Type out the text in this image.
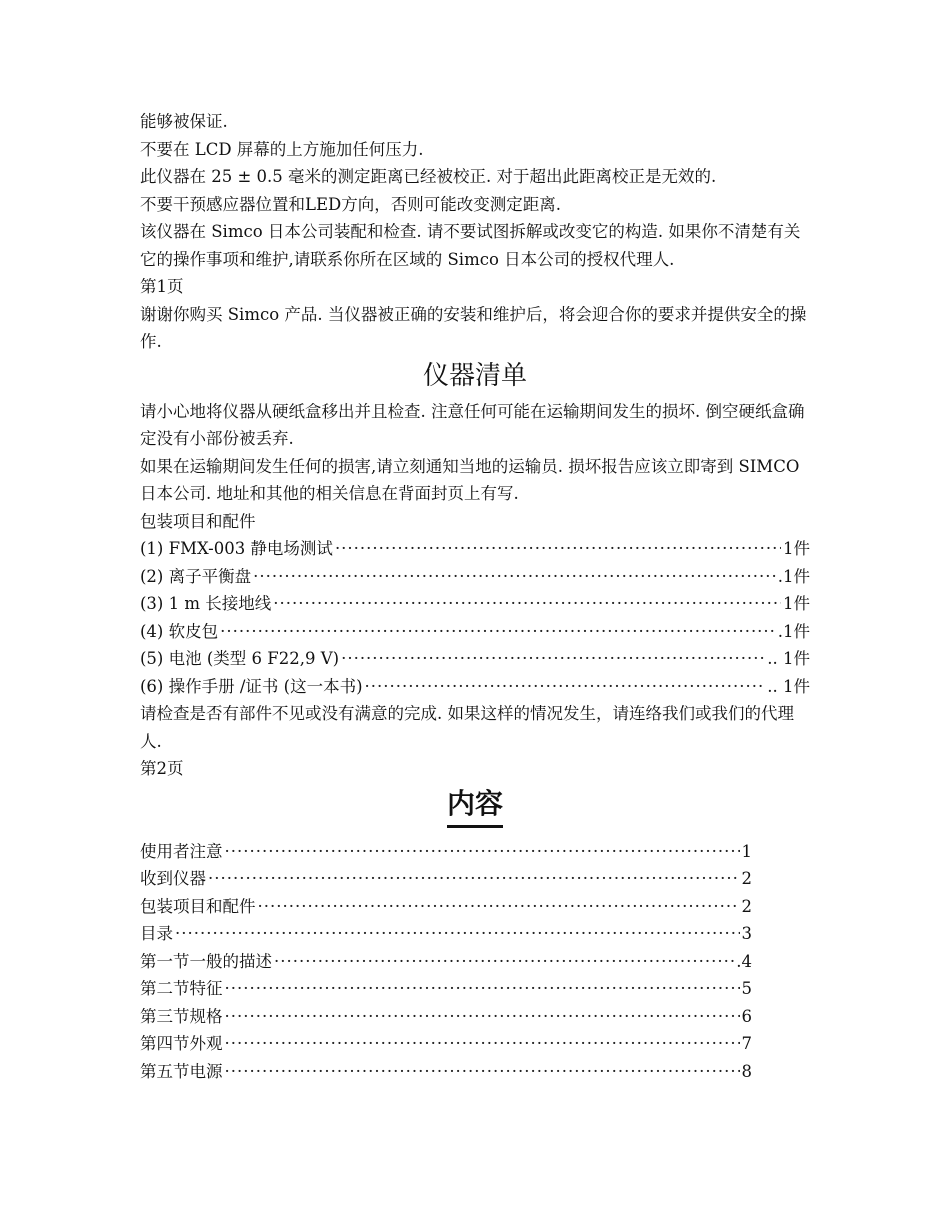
能够被保证.

不要在 LCD 屏幕的上方施加任何压力.

此仪器在 25 ± 0.5 毫米的测定距离已经被校正. 对于超出此距离校正是无效的.

不要干预感应器位置和LED方向，否则可能改变测定距离.

该仪器在 Simco 日本公司装配和检查. 请不要试图拆解或改变它的构造. 如果你不清楚有关它的操作事项和维护,请联系你所在区域的 Simco 日本公司的授权代理人.

第1页

谢谢你购买 Simco 产品. 当仪器被正确的安装和维护后，将会迎合你的要求并提供安全的操作.

仪器清单

请小心地将仪器从硬纸盒移出并且检查. 注意任何可能在运输期间发生的损坏. 倒空硬纸盒确定没有小部份被丢弃.

如果在运输期间发生任何的损害,请立刻通知当地的运输员. 损坏报告应该立即寄到 SIMCO 日本公司. 地址和其他的相关信息在背面封页上有写.

包装项目和配件

(1) FMX-003 静电场测试 ·····	1件
(2) 离子平衡盘 ·····	.1件
(3) 1 m 长接地线 ·····	1件
(4) 软皮包 ·····	.1件
(5) 电池 (类型 6 F22,9 V) ·····	.. 1件
(6) 操作手册 /证书 (这一本书) ·····	.. 1件

请检查是否有部件不见或没有满意的完成. 如果这样的情况发生，请连络我们或我们的代理人.

第2页

内容
使用者注意 ·····	1
收到仪器 ·····	2
包装项目和配件 ·····	2
目录 ·····	3
第一节一般的描述 ·····	.4
第二节特征 ·····	5
第三节规格 ·····	6
第四节外观 ·····	7
第五节电源 ·····	8
